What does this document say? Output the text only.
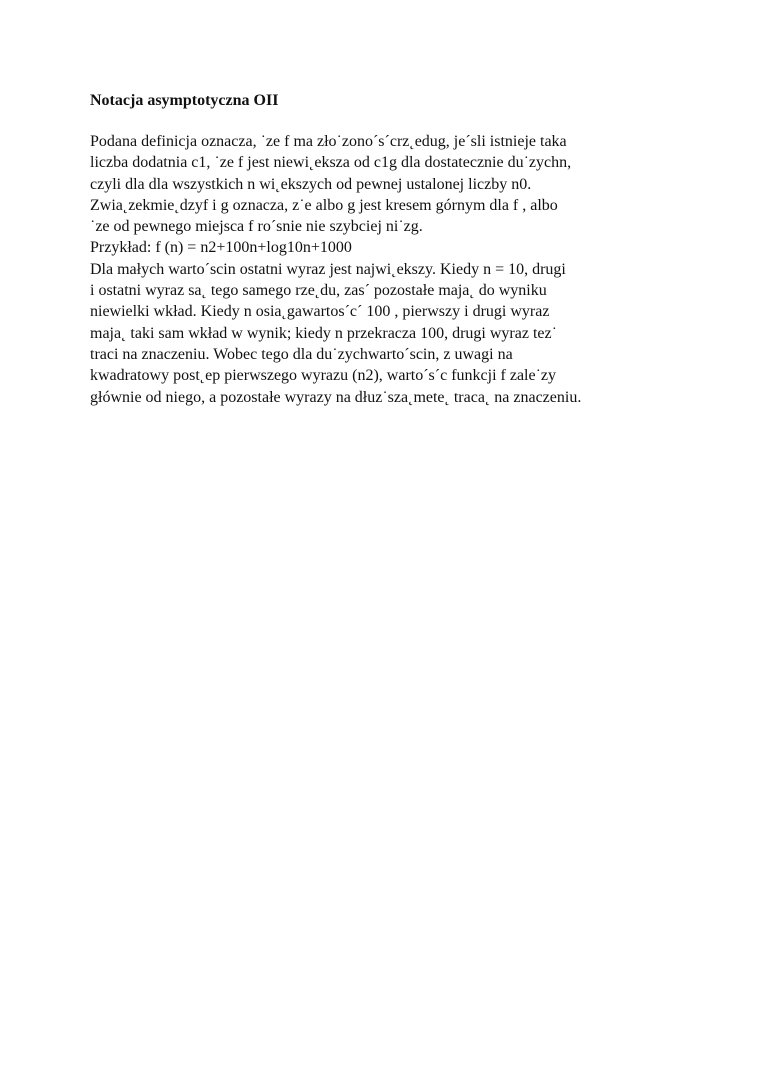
Notacja asymptotyczna OII

Podana definicja oznacza, ˙ze f ma zło˙zono´s´crz˛edug, je´sli istnieje taka

liczba dodatnia c1, ˙ze f jest niewi˛eksza od c1g dla dostatecznie du˙zychn,

czyli dla dla wszystkich n wi˛ekszych od pewnej ustalonej liczby n0.

Zwia˛zekmie˛dzyf i g oznacza, z˙e albo g jest kresem górnym dla f , albo

˙ze od pewnego miejsca f ro´snie nie szybciej ni˙zg.

Przykład: f (n) = n2+100n+log10n+1000

Dla małych warto´scin ostatni wyraz jest najwi˛ekszy. Kiedy n = 10, drugi

i ostatni wyraz sa˛ tego samego rze˛du, zas´ pozostałe maja˛ do wyniku

niewielki wkład. Kiedy n osia˛gawartos´c´ 100 , pierwszy i drugi wyraz

maja˛ taki sam wkład w wynik; kiedy n przekracza 100, drugi wyraz tez˙

traci na znaczeniu. Wobec tego dla du˙zychwarto´scin, z uwagi na

kwadratowy post˛ep pierwszego wyrazu (n2), warto´s´c funkcji f zale˙zy

głównie od niego, a pozostałe wyrazy na dłuz˙sza˛mete˛ traca˛ na znaczeniu.
